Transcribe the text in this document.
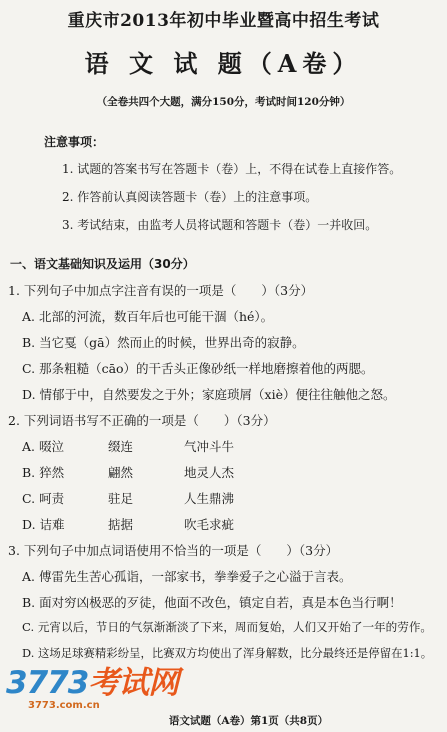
重庆市2013年初中毕业暨高中招生考试
语 文 试 题（A卷）
（全卷共四个大题，满分150分，考试时间120分钟）
注意事项：
1. 试题的答案书写在答题卡（卷）上，不得在试卷上直接作答。
2. 作答前认真阅读答题卡（卷）上的注意事项。
3. 考试结束，由监考人员将试题和答题卡（卷）一并收回。
一、语文基础知识及运用（30分）
1. 下列句子中加点字注音有误的一项是（　　）（3分）
A. 北部的河流，数百年后也可能干涸（hé）。
B. 当它戛（gā）然而止的时候，世界出奇的寂静。
C. 那条粗糙（cāo）的干舌头正像砂纸一样地磨擦着他的两腮。
D. 情郁于中，自然要发之于外；家庭琐屑（xiè）便往往触他之怒。
2. 下列词语书写不正确的一项是（　　）（3分）
A. 啜泣	缀连	气冲斗牛
B. 猝然	翩然	地灵人杰
C. 呵责	驻足	人生鼎沸
D. 诘难	掂据	吹毛求疵
3. 下列句子中加点词语使用不恰当的一项是（　　）（3分）
A. 傅雷先生苦心孤诣，一部家书，拳拳爱子之心溢于言表。
B. 面对穷凶极恶的歹徒，他面不改色，镇定自若，真是本色当行啊！
C. 元宵以后，节日的气氛渐渐淡了下来，周而复始，人们又开始了一年的劳作。
D. 这场足球赛精彩纷呈，比赛双方均使出了浑身解数，比分最终还是停留在1:1。
3773考试网
3773.com.cn
语文试题（A卷）第1页（共8页）
